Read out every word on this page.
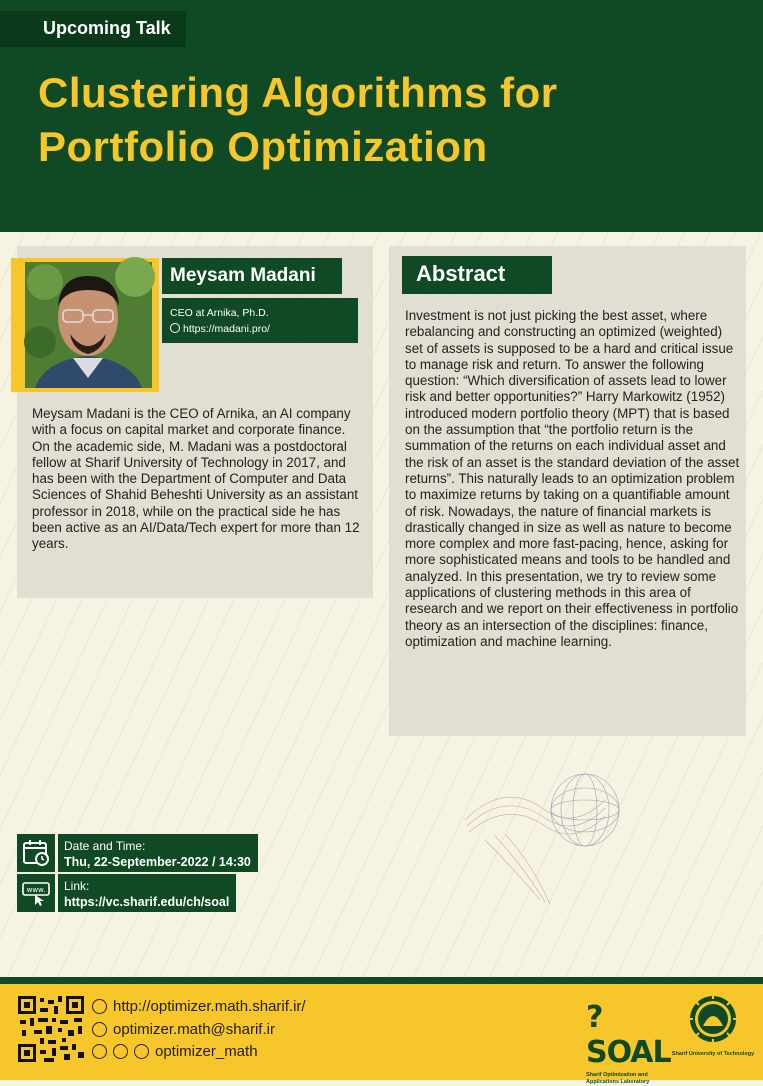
Upcoming Talk
Clustering Algorithms for
Portfolio Optimization
Meysam Madani
CEO at Arnika, Ph.D.
https://madani.pro/
Meysam Madani is the CEO of Arnika, an AI company with a focus on capital market and corporate finance. On the academic side, M. Madani was a postdoctoral fellow at Sharif University of Technology in 2017, and has been with the Department of Computer and Data Sciences of Shahid Beheshti University as an assistant professor in 2018, while on the practical side he has been active as an AI/Data/Tech expert for more than 12 years.
Abstract
Investment is not just picking the best asset, where rebalancing and constructing an optimized (weighted) set of assets is supposed to be a hard and critical issue to manage risk and return. To answer the following question: “Which diversification of assets lead to lower risk and better opportunities?” Harry Markowitz (1952) introduced modern portfolio theory (MPT) that is based on the assumption that “the portfolio return is the summation of the returns on each individual asset and the risk of an asset is the standard deviation of the asset returns”. This naturally leads to an optimization problem to maximize returns by taking on a quantifiable amount of risk. Nowadays, the nature of financial markets is drastically changed in size as well as nature to become more complex and more fast-pacing, hence, asking for more sophisticated means and tools to be handled and analyzed. In this presentation, we try to review some applications of clustering methods in this area of research and we report on their effectiveness in portfolio theory as an intersection of the disciplines: finance, optimization and machine learning.
Date and Time:
Thu, 22-September-2022 / 14:30
www. Link:
https://vc.sharif.edu/ch/soal
http://optimizer.math.sharif.ir/
optimizer.math@sharif.ir
optimizer_math
?SOAL
Sharif Optimization and Applications Laboratory
Sharif University of Technology
